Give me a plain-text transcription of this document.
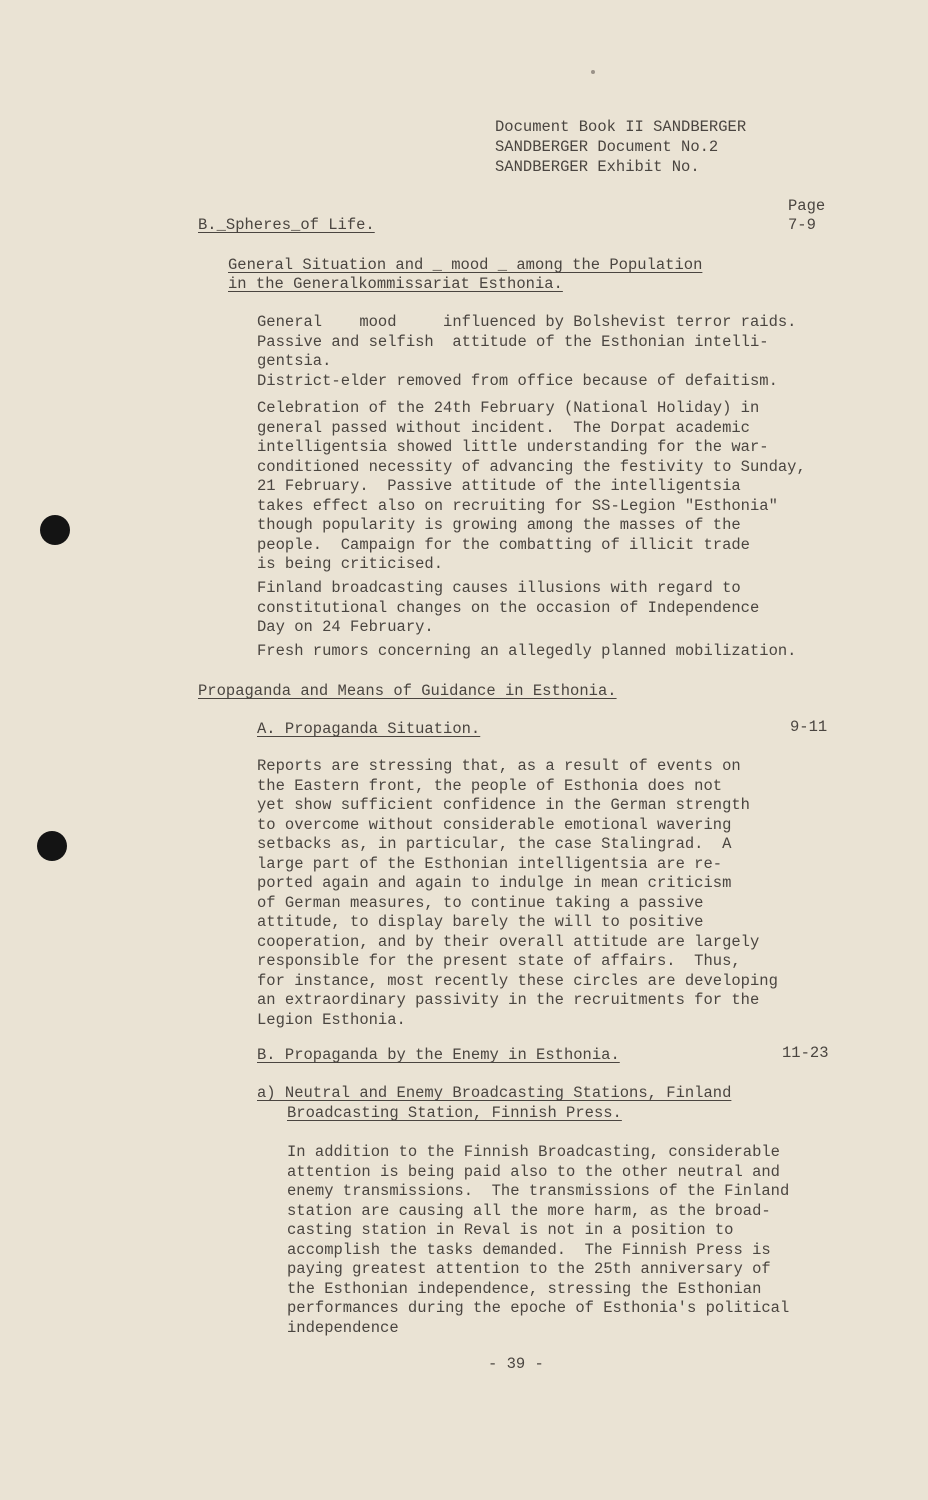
Document Book II SANDBERGER
SANDBERGER Document No.2
SANDBERGER Exhibit No.
Page
B._Spheres_of Life.	7-9
General Situation and _ mood _ among the Population
in the Generalkommissariat Esthonia.
General    mood     influenced by Bolshevist terror raids.
Passive and selfish  attitude of the Esthonian intelli-
gentsia.
District-elder removed from office because of defaitism.
Celebration of the 24th February (National Holiday) in
general passed without incident.  The Dorpat academic
intelligentsia showed little understanding for the war-
conditioned necessity of advancing the festivity to Sunday,
21 February.  Passive attitude of the intelligentsia
takes effect also on recruiting for SS-Legion "Esthonia"
though popularity is growing among the masses of the
people.  Campaign for the combatting of illicit trade
is being criticised.
Finland broadcasting causes illusions with regard to
constitutional changes on the occasion of Independence
Day on 24 February.
Fresh rumors concerning an allegedly planned mobilization.
Propaganda and Means of Guidance in Esthonia.
A. Propaganda Situation.	9-11
Reports are stressing that, as a result of events on
the Eastern front, the people of Esthonia does not
yet show sufficient confidence in the German strength
to overcome without considerable emotional wavering
setbacks as, in particular, the case Stalingrad.  A
large part of the Esthonian intelligentsia are re-
ported again and again to indulge in mean criticism
of German measures, to continue taking a passive
attitude, to display barely the will to positive
cooperation, and by their overall attitude are largely
responsible for the present state of affairs.  Thus,
for instance, most recently these circles are developing
an extraordinary passivity in the recruitments for the
Legion Esthonia.
B. Propaganda by the Enemy in Esthonia.	11-23
a) Neutral and Enemy Broadcasting Stations, Finland
Broadcasting Station, Finnish Press.
In addition to the Finnish Broadcasting, considerable
attention is being paid also to the other neutral and
enemy transmissions.  The transmissions of the Finland
station are causing all the more harm, as the broad-
casting station in Reval is not in a position to
accomplish the tasks demanded.  The Finnish Press is
paying greatest attention to the 25th anniversary of
the Esthonian independence, stressing the Esthonian
performances during the epoche of Esthonia's political
independence
- 39 -
